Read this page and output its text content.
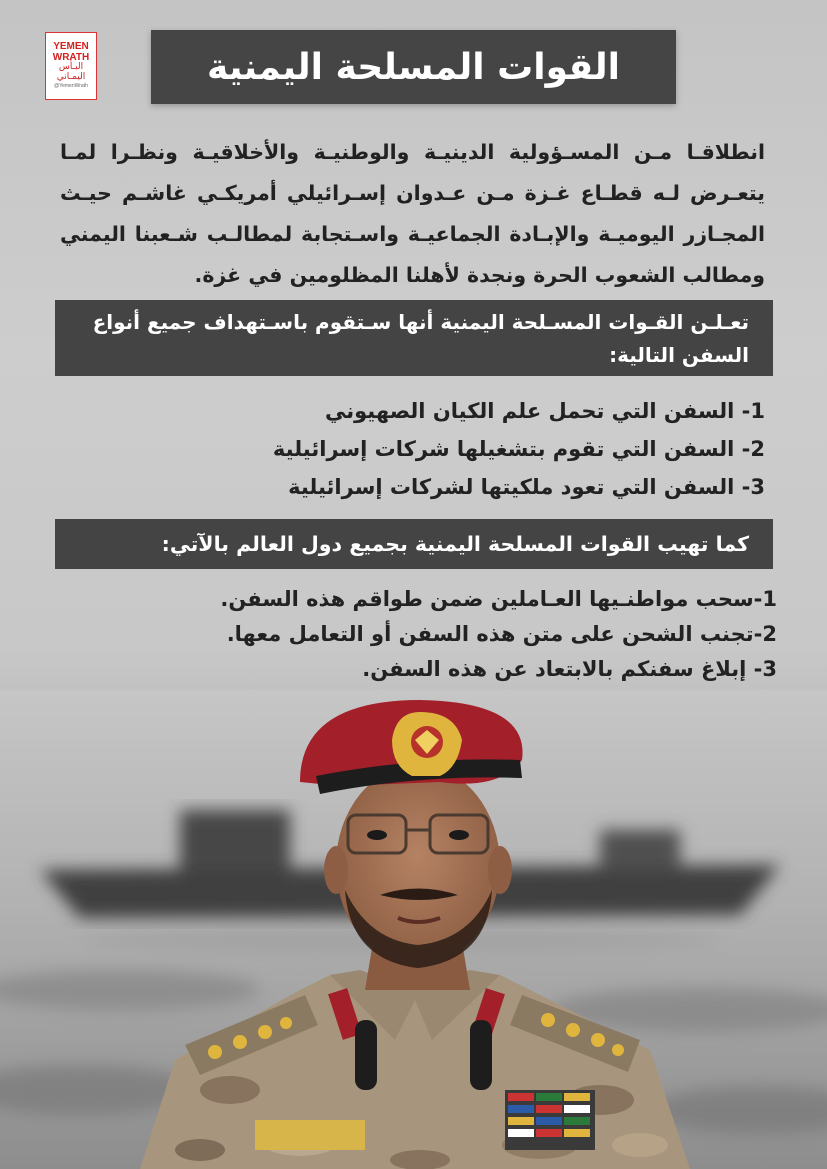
YEMEN
WRATH
البـأس
اليمـاني
@YemenWrath	القوات المسلحة اليمنية

انطلاقـا مـن المسـؤولية الدينيـة والوطنيـة والأخلاقيـة ونظـرا لمـا يتعـرض لـه قطـاع غـزة مـن عـدوان إسـرائيلي أمريكـي غاشـم حيـث المجـازر اليوميـة والإبـادة الجماعيـة واسـتجابة لمطالـب شـعبنا اليمني ومطالب الشعوب الحرة ونجدة لأهلنا المظلومين في غزة.

تعـلـن القـوات المسـلحة اليمنية أنها سـتقوم باسـتهداف جميع أنواع السفن التالية:
1- السفن التي تحمل علم الكيان الصهيوني
2- السفن التي تقوم بتشغيلها شركات إسرائيلية
3- السفن التي تعود ملكيتها لشركات إسرائيلية
كما تهيب القوات المسلحة اليمنية بجميع دول العالم بالآتي:
1-سحب مواطنـيها العـاملين ضمن طواقم هذه السفن.
2-تجنب الشحن على متن هذه السفن أو التعامل معها.
3- إبلاغ سفنكم بالابتعاد عن هذه السفن.
